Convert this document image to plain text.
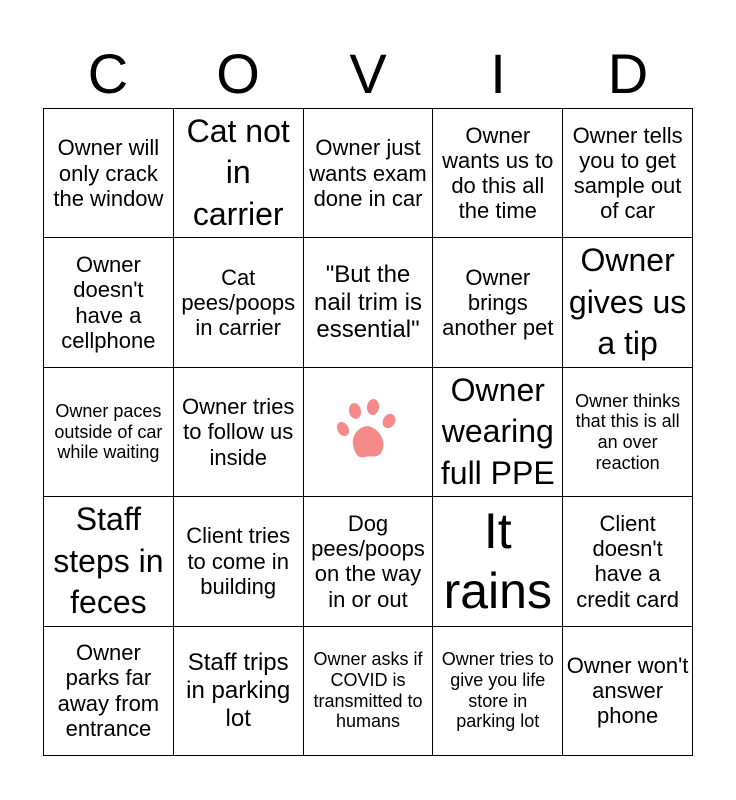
C	O	V	I	D
Owner will only crack the window
Cat not in carrier
Owner just wants exam done in car
Owner wants us to do this all the time
Owner tells you to get sample out of car
Owner doesn't have a cellphone
Cat pees/poops in carrier
"But the nail trim is essential"
Owner brings another pet
Owner gives us a tip
Owner paces outside of car while waiting
Owner tries to follow us inside
Owner wearing full PPE
Owner thinks that this is all an over reaction
Staff steps in feces
Client tries to come in building
Dog pees/poops on the way in or out
It rains
Client doesn't have a credit card
Owner parks far away from entrance
Staff trips in parking lot
Owner asks if COVID is transmitted to humans
Owner tries to give you life store in parking lot
Owner won't answer phone
